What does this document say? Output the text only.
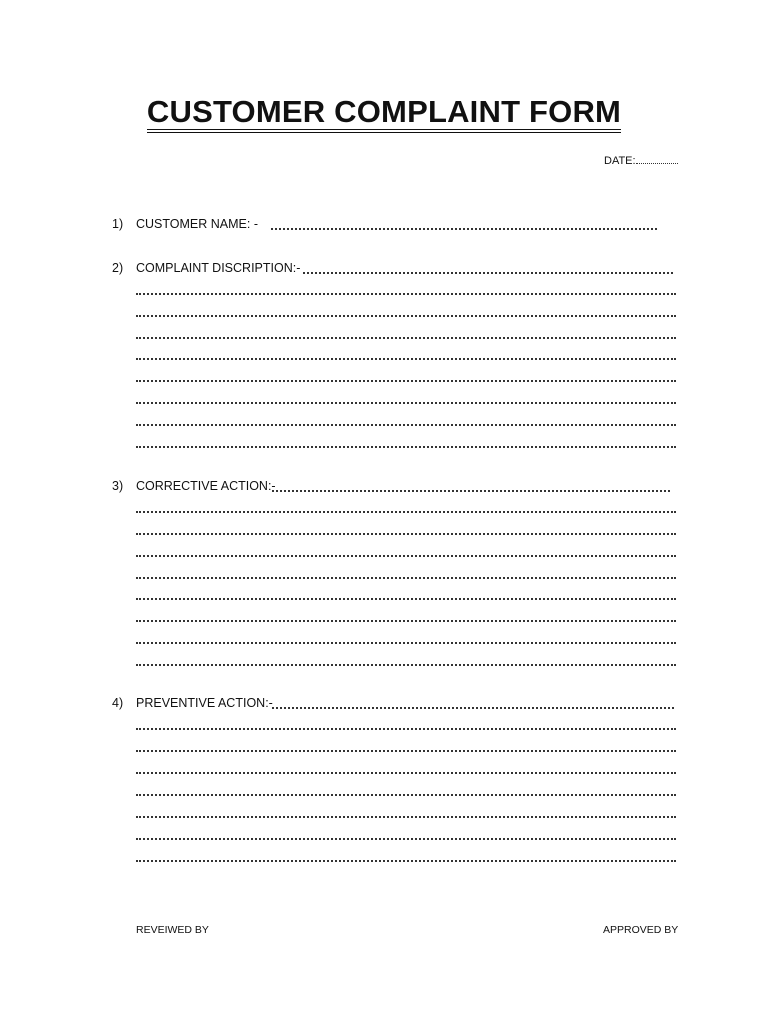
CUSTOMER COMPLAINT FORM
DATE:
1)	CUSTOMER NAME: -
2)	COMPLAINT DISCRIPTION:-
3)	CORRECTIVE ACTION:-
4)	PREVENTIVE ACTION:-
REVEIWED BY	APPROVED BY
